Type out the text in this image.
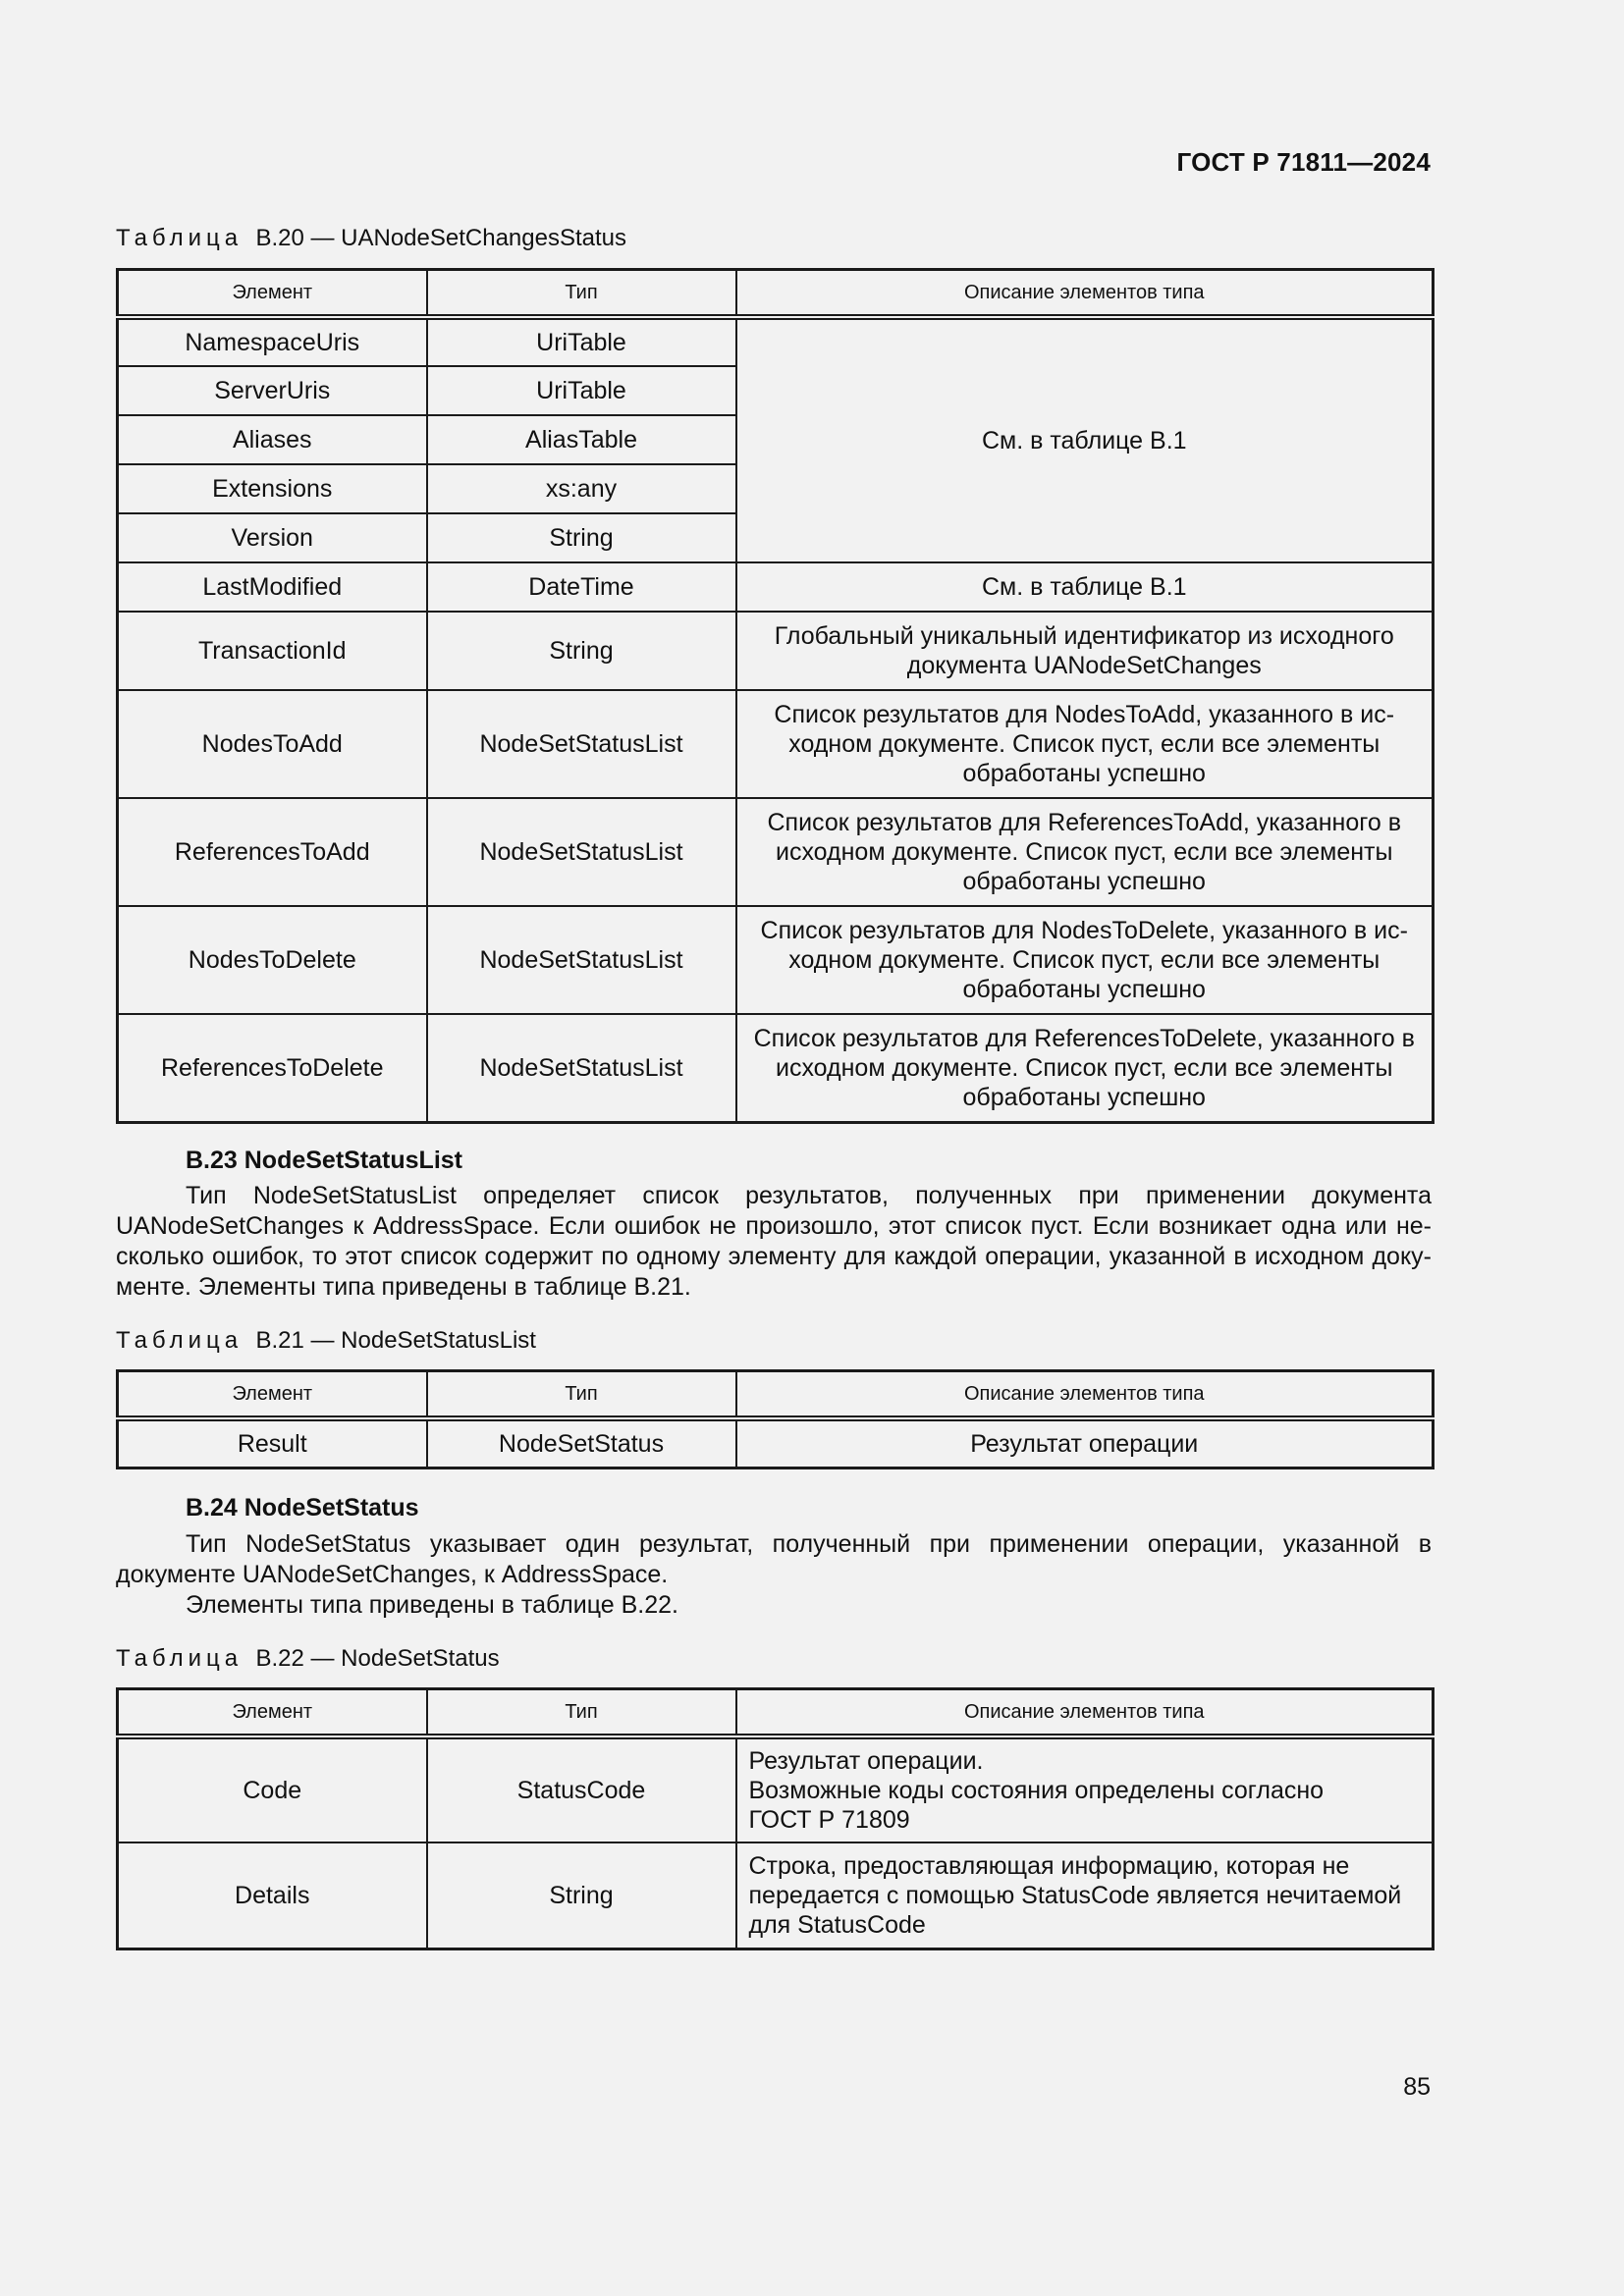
ГОСТ Р 71811—2024
Таблица В.20 — UANodeSetChangesStatus
Элемент	Тип	Описание элементов типа
NamespaceUris	UriTable	См. в таблице В.1
ServerUris	UriTable	
Aliases	AliasTable	
Extensions	xs:any	
Version	String	
LastModified	DateTime	См. в таблице В.1
TransactionId	String	Глобальный уникальный идентификатор из исходного документа UANodeSetChanges
NodesToAdd	NodeSetStatusList	Список результатов для NodesToAdd, указанного в ис-ходном документе. Список пуст, если все элементы обработаны успешно
ReferencesToAdd	NodeSetStatusList	Список результатов для ReferencesToAdd, указанного в исходном документе. Список пуст, если все элементы обработаны успешно
NodesToDelete	NodeSetStatusList	Список результатов для NodesToDelete, указанного в ис-ходном документе. Список пуст, если все элементы обработаны успешно
ReferencesToDelete	NodeSetStatusList	Список результатов для ReferencesToDelete, указанного в исходном документе. Список пуст, если все элементы обработаны успешно
В.23 NodeSetStatusList
Тип NodeSetStatusList определяет список результатов, полученных при применении документа UANodeSetChanges к AddressSpace. Если ошибок не произошло, этот список пуст. Если возникает одна или не-сколько ошибок, то этот список содержит по одному элементу для каждой операции, указанной в исходном доку-менте. Элементы типа приведены в таблице В.21.
Таблица В.21 — NodeSetStatusList
Элемент	Тип	Описание элементов типа
Result	NodeSetStatus	Результат операции
В.24 NodeSetStatus
Тип NodeSetStatus указывает один результат, полученный при применении операции, указанной в документе UANodeSetChanges, к AddressSpace.
Элементы типа приведены в таблице В.22.
Таблица В.22 — NodeSetStatus
Элемент	Тип	Описание элементов типа
Code	StatusCode	Результат операции.
Возможные коды состояния определены согласно
ГОСТ Р 71809

Details	String	Строка, предоставляющая информацию, которая не
передается с помощью StatusCode является нечитаемой
для StatusCode
85
